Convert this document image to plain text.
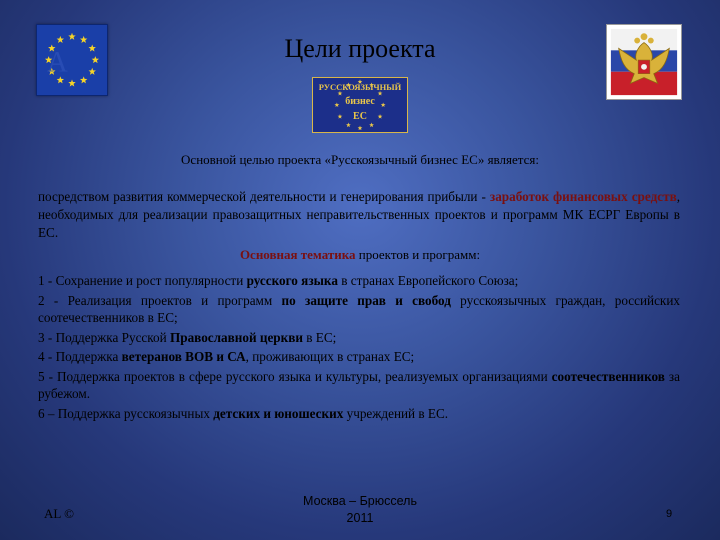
A	Цели проекта
РУССКОЯЗЫЧНЫЙ
бизнес
ЕС
Основной целью проекта «Русскоязычный бизнес ЕС» является:
посредством развития коммерческой деятельности и генерирования прибыли - заработок финансовых средств, необходимых для реализации правозащитных неправительственных проектов и программ МК ЕСРГ Европы в ЕС.
Основная тематика проектов и программ:
1 - Сохранение и рост популярности русского языка в странах Европейского Союза;
2 - Реализация проектов и программ по защите прав и свобод русскоязычных граждан, российских соотечественников в ЕС;
3 - Поддержка Русской Православной церкви в ЕС;
4 - Поддержка ветеранов ВОВ и СА, проживающих в странах ЕС;
5 - Поддержка проектов в сфере русского языка и культуры, реализуемых организациями соотечественников за рубежом.
6 – Поддержка русскоязычных детских и юношеских учреждений в ЕС.
AL ©
Москва – Брюссель
2011	9
